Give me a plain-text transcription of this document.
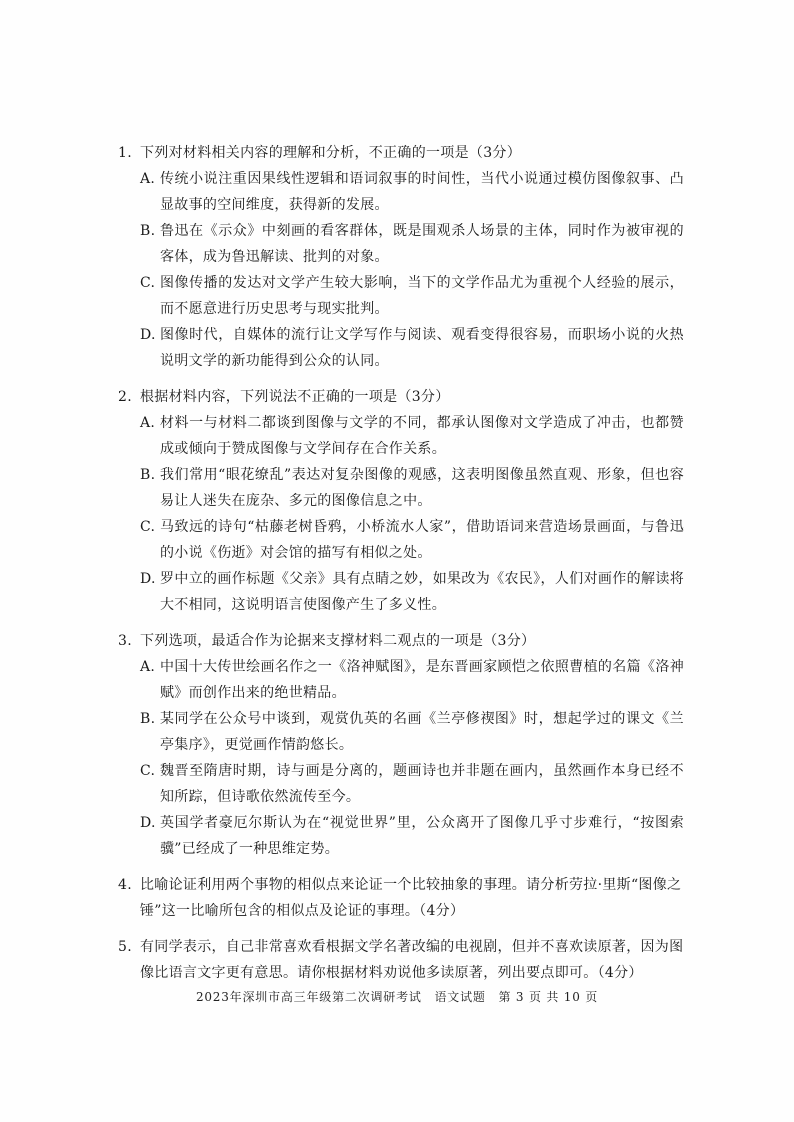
1. 下列对材料相关内容的理解和分析，不正确的一项是（3分）
A. 传统小说注重因果线性逻辑和语词叙事的时间性，当代小说通过模仿图像叙事、凸显故事的空间维度，获得新的发展。
B. 鲁迅在《示众》中刻画的看客群体，既是围观杀人场景的主体，同时作为被审视的客体，成为鲁迅解读、批判的对象。
C. 图像传播的发达对文学产生较大影响，当下的文学作品尤为重视个人经验的展示，而不愿意进行历史思考与现实批判。
D. 图像时代，自媒体的流行让文学写作与阅读、观看变得很容易，而职场小说的火热说明文学的新功能得到公众的认同。
2. 根据材料内容，下列说法不正确的一项是（3分）
A. 材料一与材料二都谈到图像与文学的不同，都承认图像对文学造成了冲击，也都赞成或倾向于赞成图像与文学间存在合作关系。
B. 我们常用“眼花缭乱”表达对复杂图像的观感，这表明图像虽然直观、形象，但也容易让人迷失在庞杂、多元的图像信息之中。
C. 马致远的诗句“枯藤老树昏鸦，小桥流水人家”，借助语词来营造场景画面，与鲁迅的小说《伤逝》对会馆的描写有相似之处。
D. 罗中立的画作标题《父亲》具有点睛之妙，如果改为《农民》，人们对画作的解读将大不相同，这说明语言使图像产生了多义性。
3. 下列选项，最适合作为论据来支撑材料二观点的一项是（3分）
A. 中国十大传世绘画名作之一《洛神赋图》，是东晋画家顾恺之依照曹植的名篇《洛神赋》而创作出来的绝世精品。
B. 某同学在公众号中谈到，观赏仇英的名画《兰亭修禊图》时，想起学过的课文《兰亭集序》，更觉画作情韵悠长。
C. 魏晋至隋唐时期，诗与画是分离的，题画诗也并非题在画内，虽然画作本身已经不知所踪，但诗歌依然流传至今。
D. 英国学者豪厄尔斯认为在“视觉世界”里，公众离开了图像几乎寸步难行，“按图索骥”已经成了一种思维定势。
4. 比喻论证利用两个事物的相似点来论证一个比较抽象的事理。请分析劳拉·里斯“图像之锤”这一比喻所包含的相似点及论证的事理。（4分）
5. 有同学表示，自己非常喜欢看根据文学名著改编的电视剧，但并不喜欢读原著，因为图像比语言文字更有意思。请你根据材料劝说他多读原著，列出要点即可。（4分）
2023年深圳市高三年级第二次调研考试　语文试题　第 3 页 共 10 页
